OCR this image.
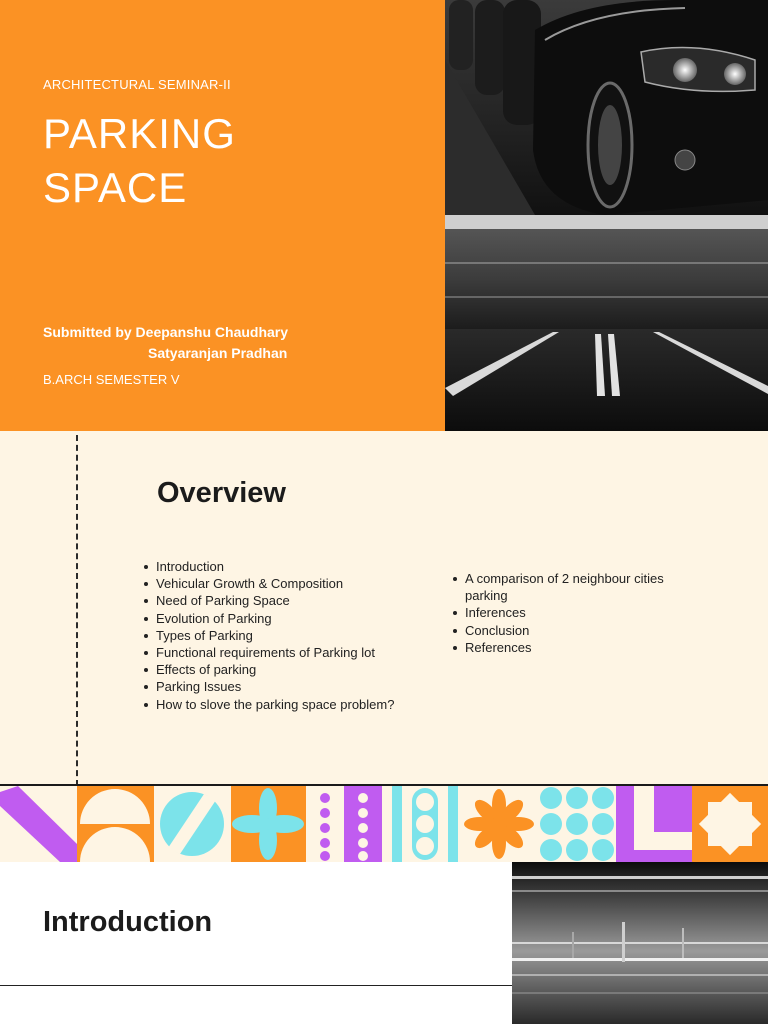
ARCHITECTURAL SEMINAR-II
PARKING
SPACE
Submitted by Deepanshu Chaudhary
Satyaranjan Pradhan
B.ARCH SEMESTER V
Overview
Introduction
Vehicular Growth & Composition
Need of Parking Space
Evolution of Parking
Types of Parking
Functional requirements of Parking lot
Effects of parking
Parking Issues
How to slove the parking space problem?
A comparison of 2 neighbour cities parking
Inferences
Conclusion
References
Introduction
